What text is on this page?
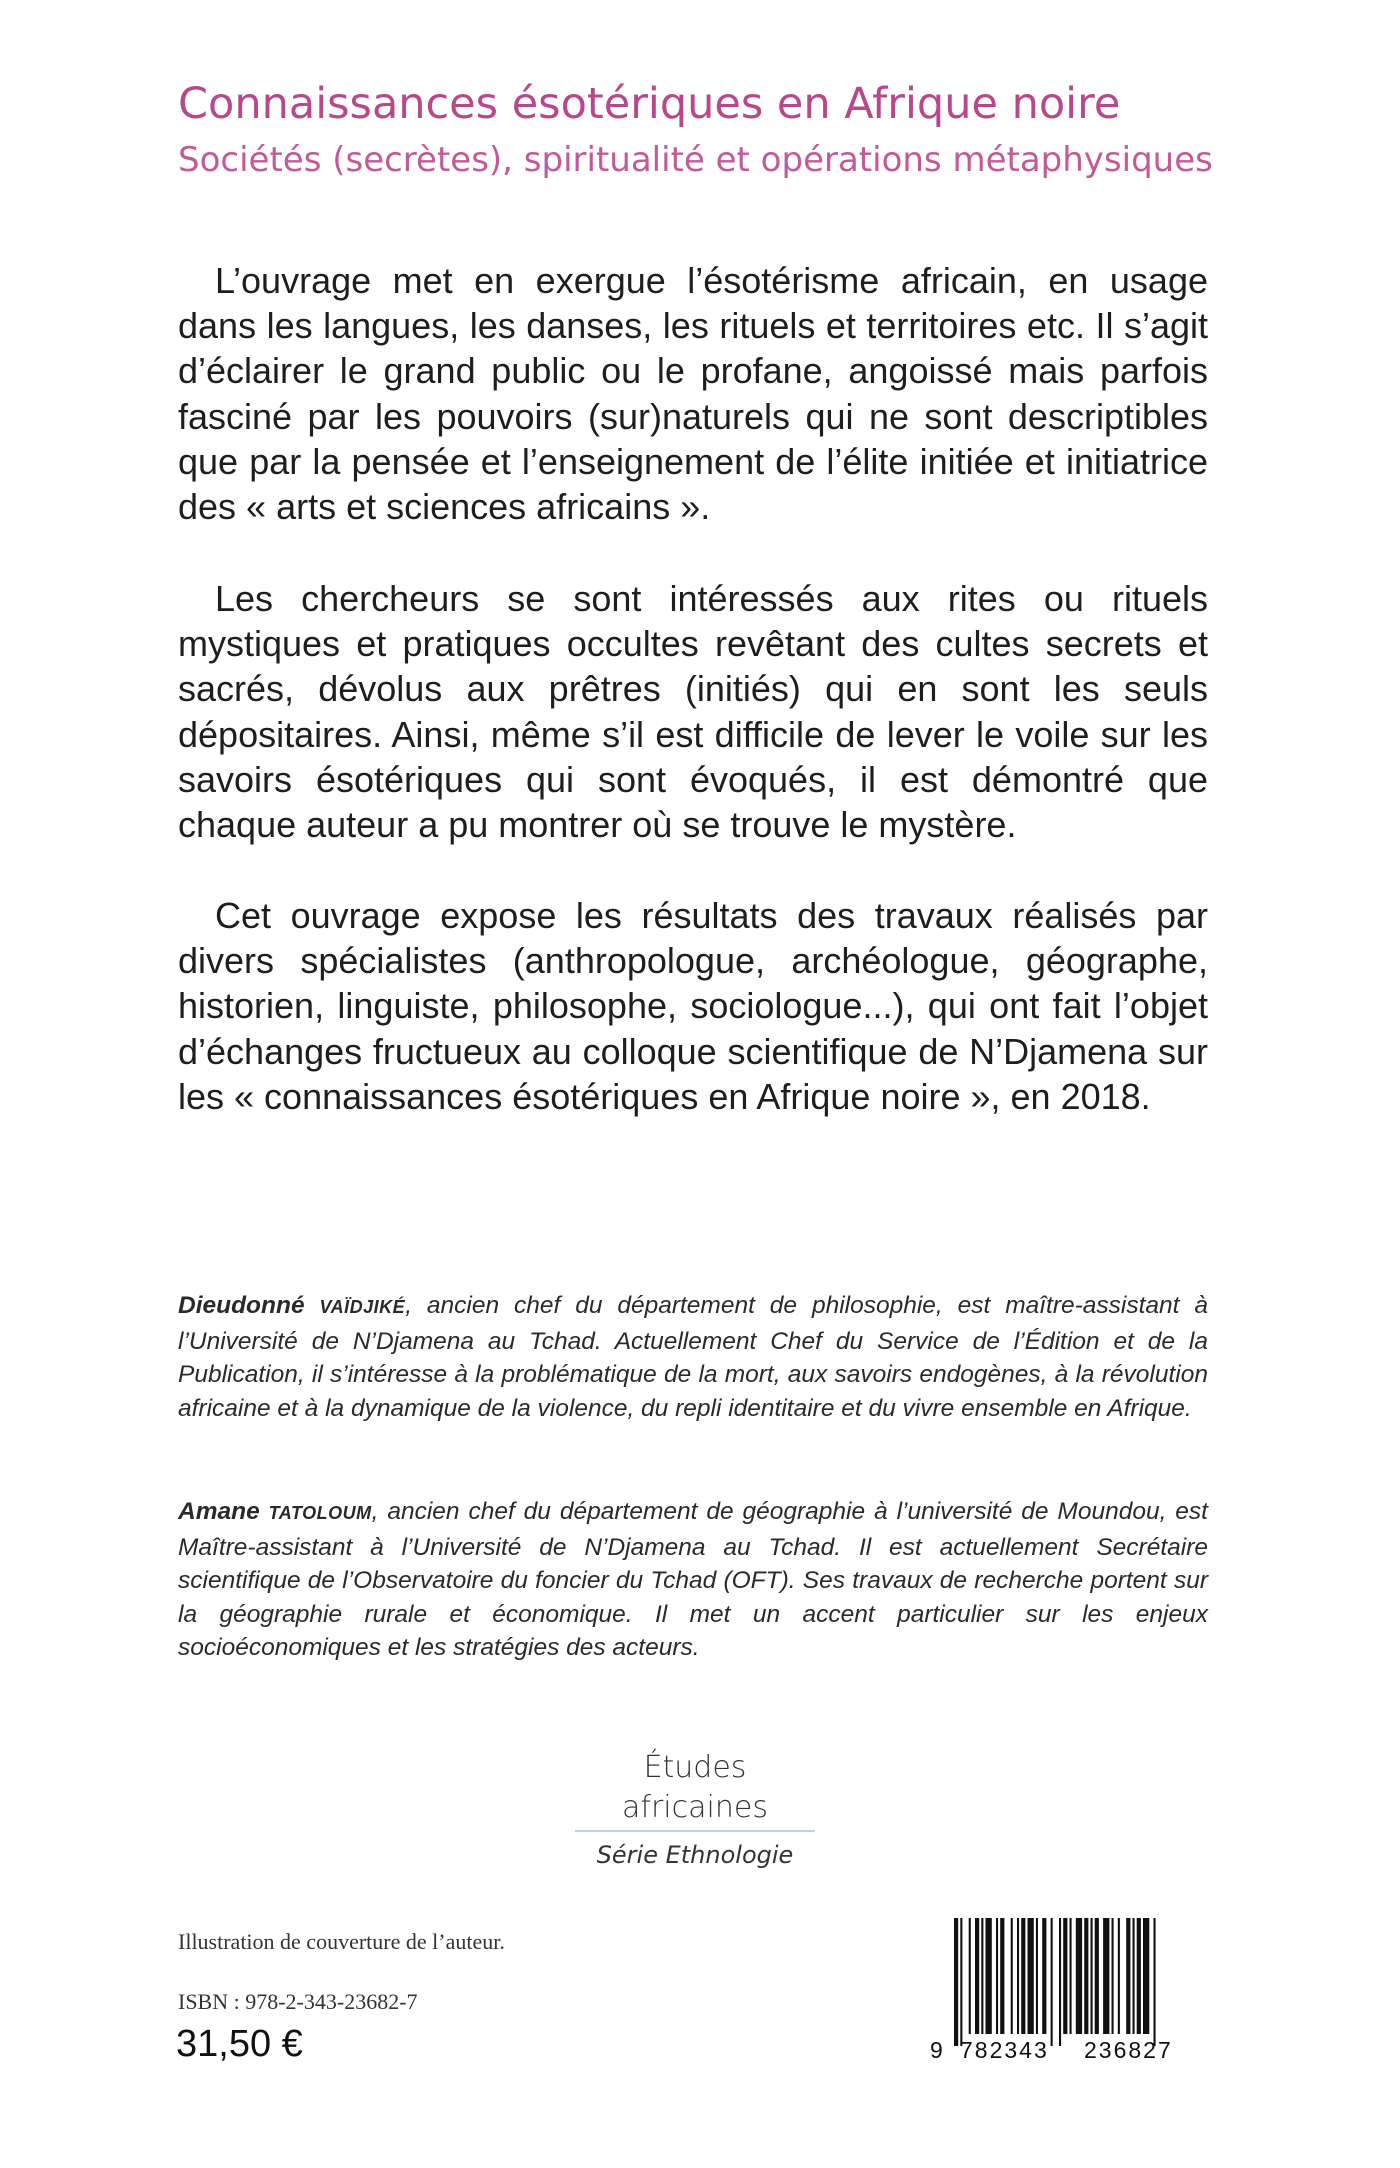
Connaissances ésotériques en Afrique noire
Sociétés (secrètes), spiritualité et opérations métaphysiques

L’ouvrage met en exergue l’ésotérisme africain, en usage dans les langues, les danses, les rituels et territoires etc. Il s’agit d’éclairer le grand public ou le profane, angoissé mais parfois fasciné par les pouvoirs (sur)naturels qui ne sont descriptibles que par la pensée et l’enseignement de l’élite initiée et initiatrice des « arts et sciences africains ».

Les chercheurs se sont intéressés aux rites ou rituels mystiques et pratiques occultes revêtant des cultes secrets et sacrés, dévolus aux prêtres (initiés) qui en sont les seuls dépositaires. Ainsi, même s’il est difficile de lever le voile sur les savoirs ésotériques qui sont évoqués, il est démontré que chaque auteur a pu montrer où se trouve le mystère.

Cet ouvrage expose les résultats des travaux réalisés par divers spécialistes (anthropologue, archéologue, géographe, historien, linguiste, philosophe, sociologue...), qui ont fait l’objet d’échanges fructueux au colloque scientifique de N’Djamena sur les « connaissances ésotériques en Afrique noire », en 2018.

Dieudonné VAÏDJIKÉ, ancien chef du département de philosophie, est maître-assistant à l’Université de N’Djamena au Tchad. Actuellement Chef du Service de l’Édition et de la Publication, il s’intéresse à la problématique de la mort, aux savoirs endogènes, à la révolution africaine et à la dynamique de la violence, du repli identitaire et du vivre ensemble en Afrique.

Amane TATOLOUM, ancien chef du département de géographie à l’université de Moundou, est Maître-assistant à l’Université de N’Djamena au Tchad. Il est actuellement Secrétaire scientifique de l’Observatoire du foncier du Tchad (OFT). Ses travaux de recherche portent sur la géographie rurale et économique. Il met un accent particulier sur les enjeux socioéconomiques et les stratégies des acteurs.

Études africaines
Série Ethnologie
Illustration de couverture de l’auteur.
ISBN : 978-2-343-23682-7
31,50 €	9 782343 236827
